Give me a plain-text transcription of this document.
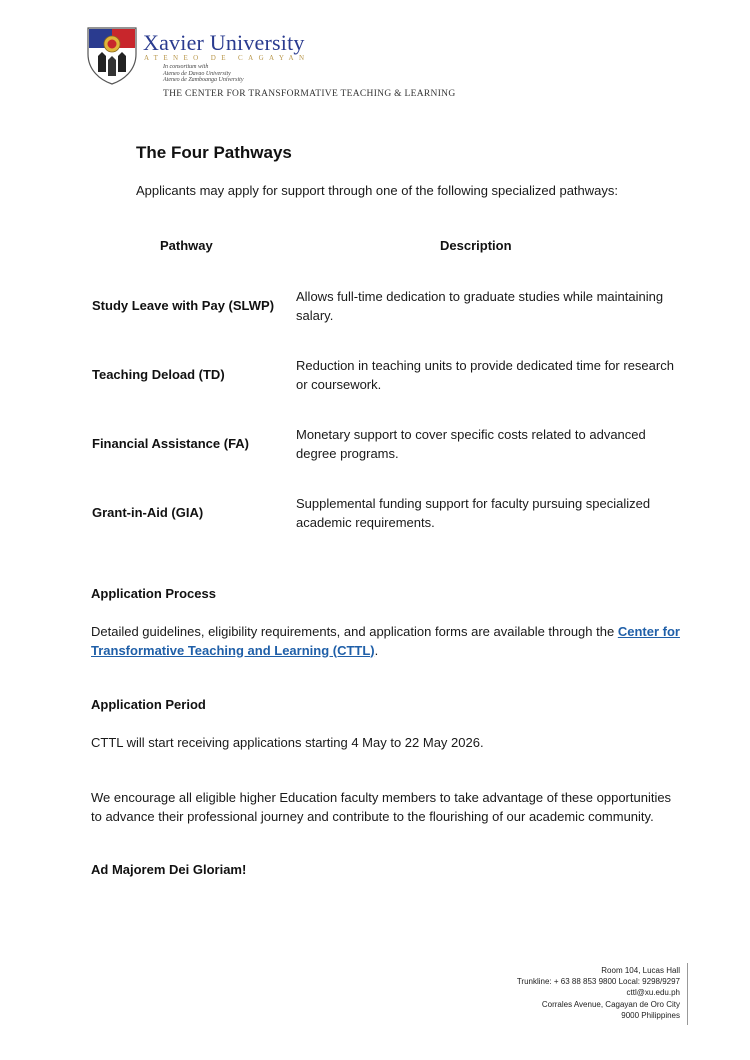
Xavier University
ATENEO DE CAGAYAN
In consortium with
Ateneo de Davao University
Ateneo de Zamboanga University
THE CENTER FOR TRANSFORMATIVE TEACHING & LEARNING
The Four Pathways
Applicants may apply for support through one of the following specialized pathways:
Pathway	Description
Study Leave with Pay (SLWP)
Allows full-time dedication to graduate studies while maintaining salary.
Teaching Deload (TD)
Reduction in teaching units to provide dedicated time for research or coursework.
Financial Assistance (FA)
Monetary support to cover specific costs related to advanced degree programs.
Grant-in-Aid (GIA)
Supplemental funding support for faculty pursuing specialized academic requirements.
Application Process
Detailed guidelines, eligibility requirements, and application forms are available through the Center for Transformative Teaching and Learning (CTTL).
Application Period
CTTL will start receiving applications starting 4 May to 22 May 2026.
We encourage all eligible higher Education faculty members to take advantage of these opportunities to advance their professional journey and contribute to the flourishing of our academic community.
Ad Majorem Dei Gloriam!
Room 104, Lucas Hall
Trunkline: + 63 88 853 9800 Local: 9298/9297
cttl@xu.edu.ph
Corrales Avenue, Cagayan de Oro City
9000 Philippines
